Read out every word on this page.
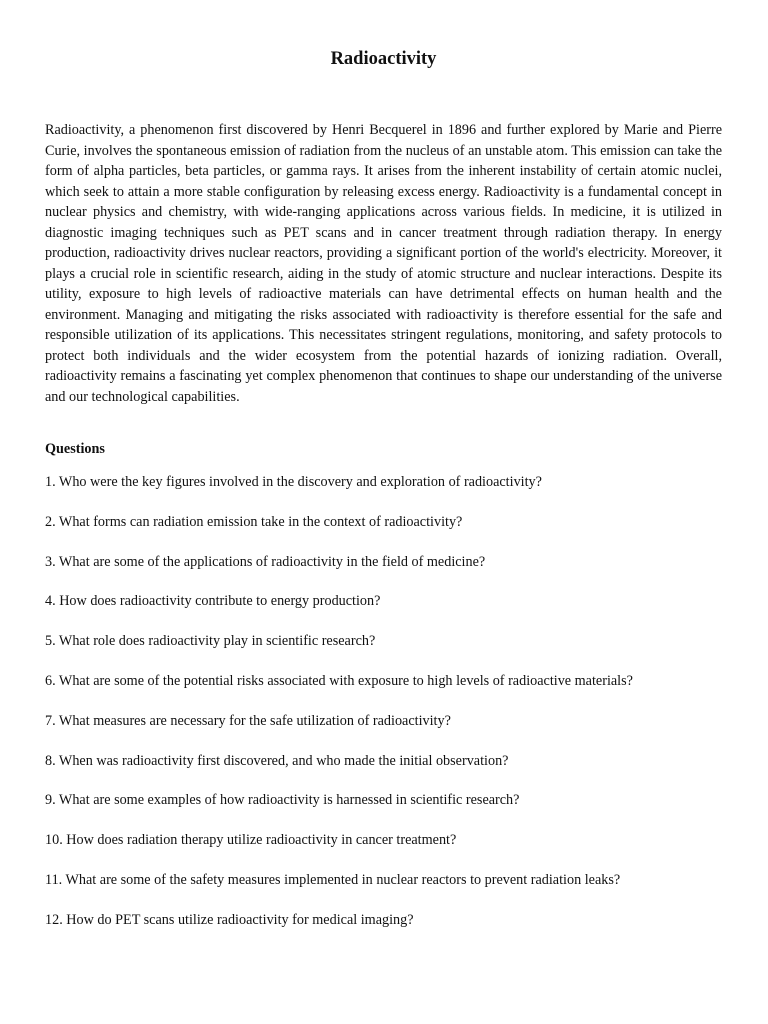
Radioactivity

Radioactivity, a phenomenon first discovered by Henri Becquerel in 1896 and further explored by Marie and Pierre Curie, involves the spontaneous emission of radiation from the nucleus of an unstable atom. This emission can take the form of alpha particles, beta particles, or gamma rays. It arises from the inherent instability of certain atomic nuclei, which seek to attain a more stable configuration by releasing excess energy. Radioactivity is a fundamental concept in nuclear physics and chemistry, with wide-ranging applications across various fields. In medicine, it is utilized in diagnostic imaging techniques such as PET scans and in cancer treatment through radiation therapy. In energy production, radioactivity drives nuclear reactors, providing a significant portion of the world's electricity. Moreover, it plays a crucial role in scientific research, aiding in the study of atomic structure and nuclear interactions. Despite its utility, exposure to high levels of radioactive materials can have detrimental effects on human health and the environment. Managing and mitigating the risks associated with radioactivity is therefore essential for the safe and responsible utilization of its applications. This necessitates stringent regulations, monitoring, and safety protocols to protect both individuals and the wider ecosystem from the potential hazards of ionizing radiation. Overall, radioactivity remains a fascinating yet complex phenomenon that continues to shape our understanding of the universe and our technological capabilities.

Questions

1. Who were the key figures involved in the discovery and exploration of radioactivity?
2. What forms can radiation emission take in the context of radioactivity?
3. What are some of the applications of radioactivity in the field of medicine?
4. How does radioactivity contribute to energy production?
5. What role does radioactivity play in scientific research?
6. What are some of the potential risks associated with exposure to high levels of radioactive materials?
7. What measures are necessary for the safe utilization of radioactivity?
8. When was radioactivity first discovered, and who made the initial observation?
9. What are some examples of how radioactivity is harnessed in scientific research?
10. How does radiation therapy utilize radioactivity in cancer treatment?
11. What are some of the safety measures implemented in nuclear reactors to prevent radiation leaks?
12. How do PET scans utilize radioactivity for medical imaging?
